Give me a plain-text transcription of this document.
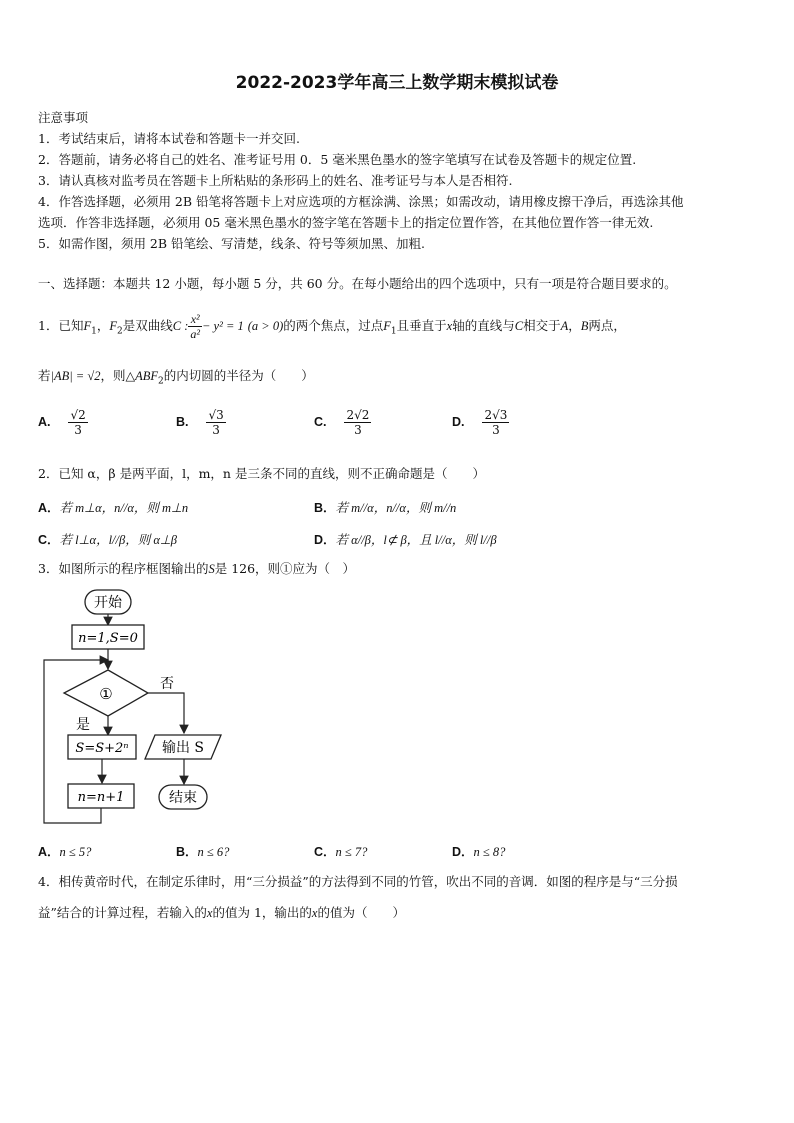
2022-2023学年高三上数学期末模拟试卷
注意事项
1．考试结束后，请将本试卷和答题卡一并交回.
2．答题前，请务必将自己的姓名、准考证号用 0．5 毫米黑色墨水的签字笔填写在试卷及答题卡的规定位置.
3．请认真核对监考员在答题卡上所粘贴的条形码上的姓名、准考证号与本人是否相符.
4．作答选择题，必须用 2B 铅笔将答题卡上对应选项的方框涂满、涂黑；如需改动，请用橡皮擦干净后，再选涂其他
选项．作答非选择题，必须用 05 毫米黑色墨水的签字笔在答题卡上的指定位置作答，在其他位置作答一律无效.
5．如需作图，须用 2B 铅笔绘、写清楚，线条、符号等须加黑、加粗.
一、选择题：本题共 12 小题，每小题 5 分，共 60 分。在每小题给出的四个选项中，只有一项是符合题目要求的。
1．已知$F_1$，$F_2$是双曲线C : $\frac{\text{x²}}{\text{a²}} - y^2 = 1$ (a > 0)的两个焦点，过点$F_1$且垂直于x轴的直线与C相交于A，B两点，
若|AB| = √2，则$\triangle ABF_2$的内切圆的半径为（　　）
A. $\frac{√2}{3}$	B. $\frac{√3}{3}$	C. $\frac{2√2}{3}$	D. $\frac{2√3}{3}$
2．已知 α，β 是两平面，l，m，n 是三条不同的直线，则不正确命题是（　　）
A．若 m⊥α，n//α，则 m⊥n	B．若 m//α，n//α，则 m//n
C．若 l⊥α，l//β，则 α⊥β	D．若 α//β，l⊄ β，且 l//α，则 l//β
3．如图所示的程序框图输出的S是 126，则①应为（　）
开始
n=1,S=0
①
否
输出 S
结束
是
S=S+2ⁿ
n=n+1
A．n ≤ 5?	B．n ≤ 6?	C．n ≤ 7?	D．n ≤ 8?
4．相传黄帝时代，在制定乐律时，用“三分损益”的方法得到不同的竹管，吹出不同的音调．如图的程序是与“三分损
益”结合的计算过程，若输入的x的值为 1，输出的x的值为（　　）
